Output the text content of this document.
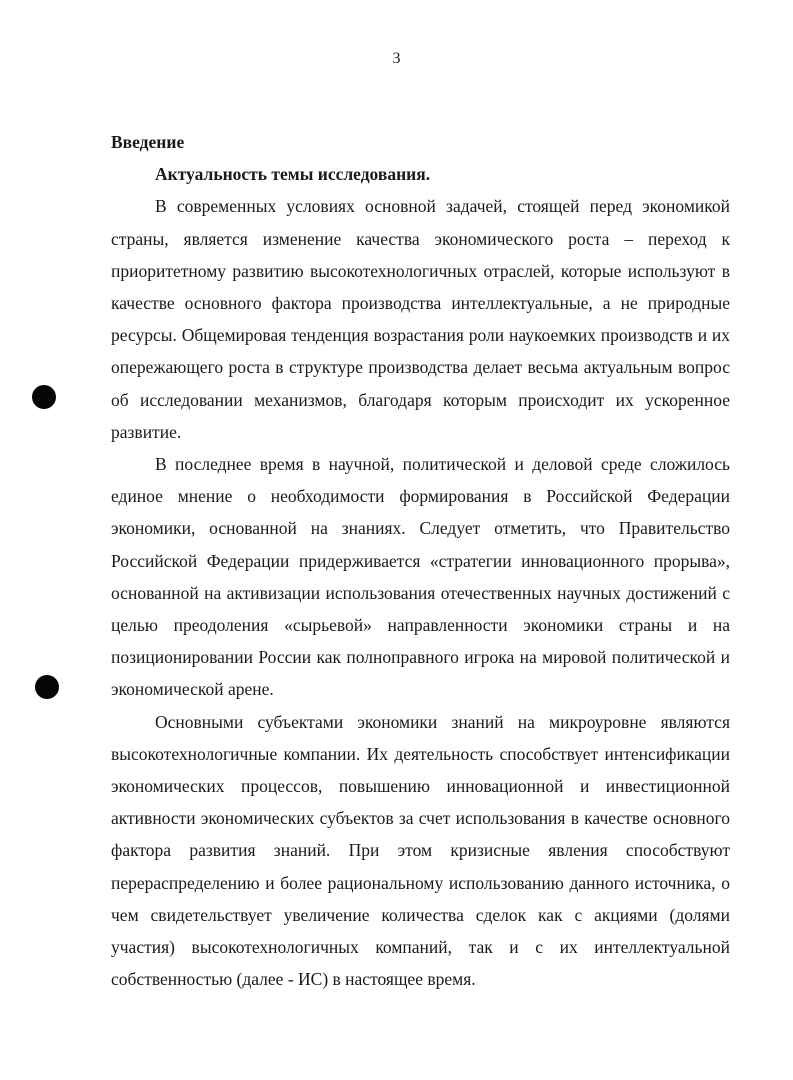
3

Введение

Актуальность темы исследования.

В современных условиях основной задачей, стоящей перед экономикой страны, является изменение качества экономического роста – переход к приоритетному развитию высокотехнологичных отраслей, которые используют в качестве основного фактора производства интеллектуальные, а не природные ресурсы. Общемировая тенденция возрастания роли наукоемких производств и их опережающего роста в структуре производства делает весьма актуальным вопрос об исследовании механизмов, благодаря которым происходит их ускоренное развитие.

В последнее время в научной, политической и деловой среде сложилось единое мнение о необходимости формирования в Российской Федерации экономики, основанной на знаниях. Следует отметить, что Правительство Российской Федерации придерживается «стратегии инновационного прорыва», основанной на активизации использования отечественных научных достижений с целью преодоления «сырьевой» направленности экономики страны и на позиционировании России как полноправного игрока на мировой политической и экономической арене.

Основными субъектами экономики знаний на микроуровне являются высокотехнологичные компании. Их деятельность способствует интенсификации экономических процессов, повышению инновационной и инвестиционной активности экономических субъектов за счет использования в качестве основного фактора развития знаний. При этом кризисные явления способствуют перераспределению и более рациональному использованию данного источника, о чем свидетельствует увеличение количества сделок как с акциями (долями участия) высокотехнологичных компаний, так и с их интеллектуальной собственностью (далее - ИС) в настоящее время.
